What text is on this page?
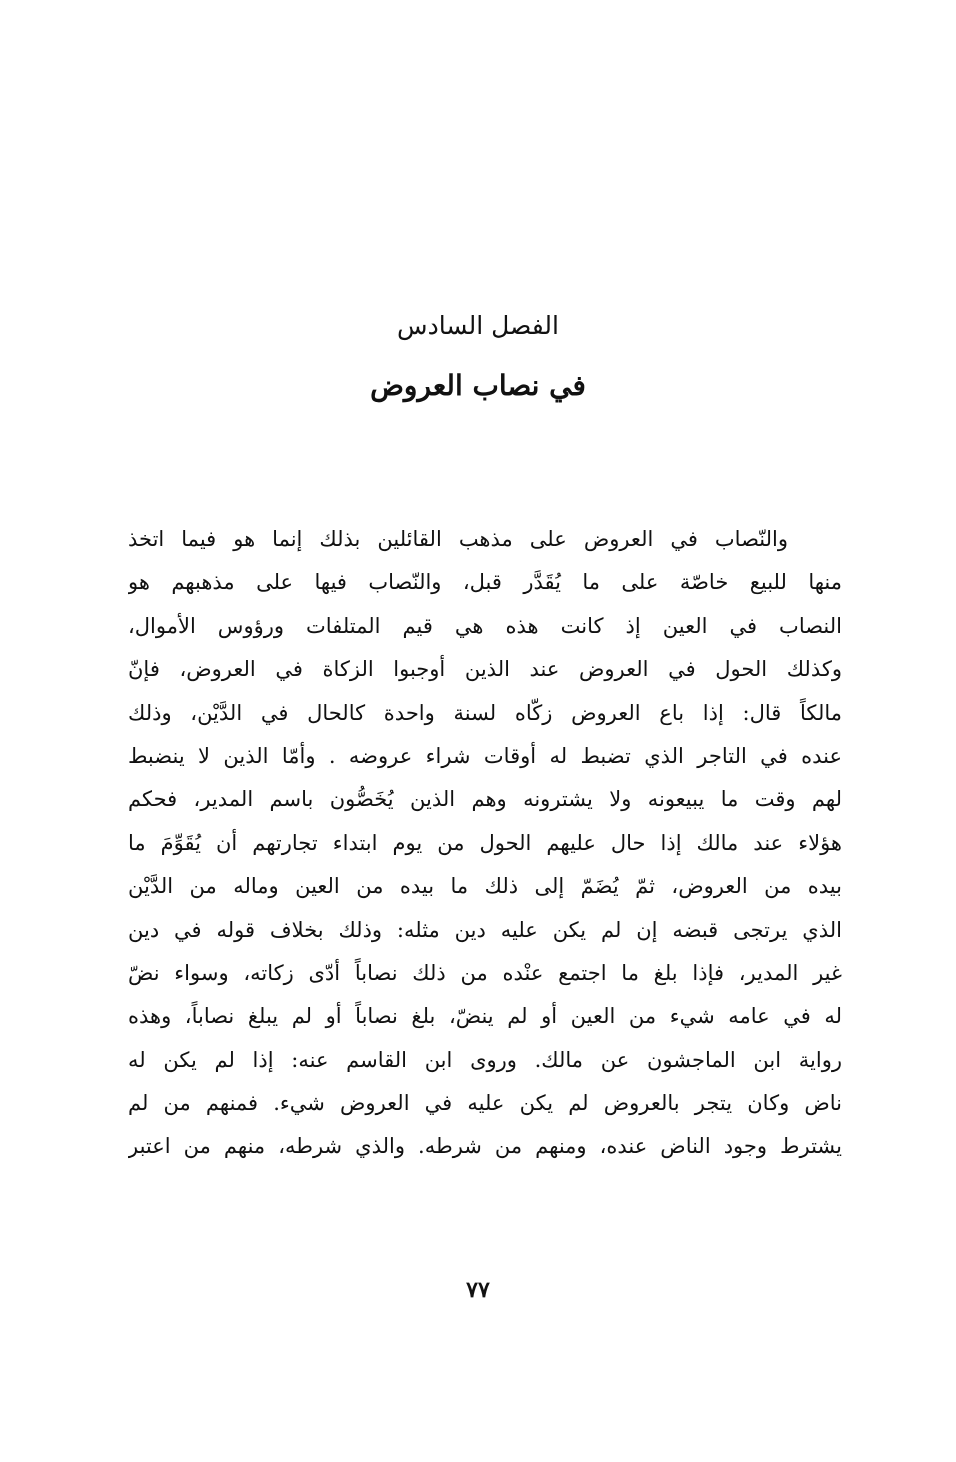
الفصل السادس
في نصاب العروض
والنّصاب في العروض على مذهب القائلين بذلك إنما هو فيما اتخذ
منها للبيع خاصّة على ما يُقَدَّر قبل، والنّصاب فيها على مذهبهم هو
النصاب في العين إذ كانت هذه هي قيم المتلفات ورؤوس الأموال،
وكذلك الحول في العروض عند الذين أوجبوا الزكاة في العروض، فإنّ
مالكاً قال: إذا باع العروض زكّاه لسنة واحدة كالحال في الدَّيْن، وذلك
عنده في التاجر الذي تضبط له أوقات شراء عروضه . وأمّا الذين لا ينضبط
لهم وقت ما يبيعونه ولا يشترونه وهم الذين يُخَصُّون باسم المدير، فحكم
هؤلاء عند مالك إذا حال عليهم الحول من يوم ابتداء تجارتهم أن يُقَوِّمَ ما
بيده من العروض، ثمّ يُضَمّ إلى ذلك ما بيده من العين وماله من الدَّيْن
الذي يرتجى قبضه إن لم يكن عليه دين مثله: وذلك بخلاف قوله في دين
غير المدير، فإذا بلغ ما اجتمع عنْده من ذلك نصاباً أدّى زكاته، وسواء نضّ
له في عامه شيء من العين أو لم ينضّ، بلغ نصاباً أو لم يبلغ نصاباً، وهذه
رواية ابن الماجشون عن مالك. وروى ابن القاسم عنه: إذا لم يكن له
ناض وكان يتجر بالعروض لم يكن عليه في العروض شيء. فمنهم من لم
يشترط وجود الناض عنده، ومنهم من شرطه. والذي شرطه، منهم من اعتبر
٧٧
